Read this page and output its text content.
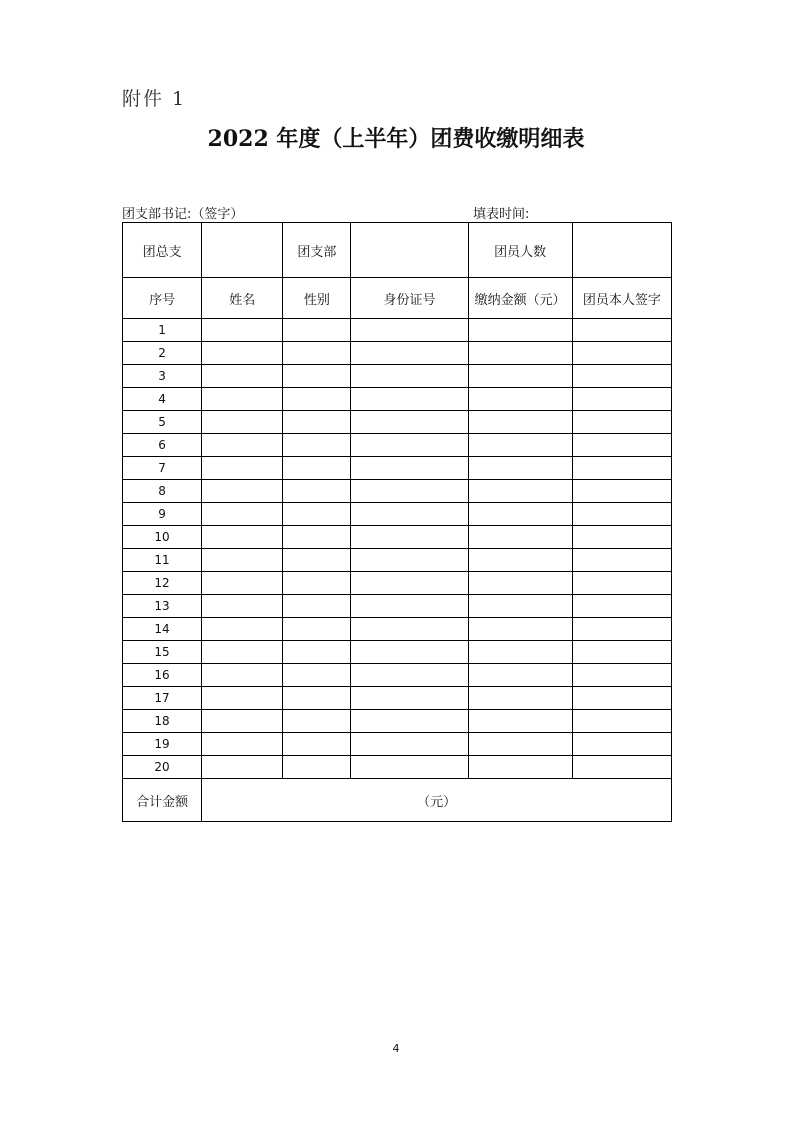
附件 1
2022 年度（上半年）团费收缴明细表
团支部书记:（签字）	填表时间:
团总支		团支部		团员人数	
序号	姓名	性别	身份证号	缴纳金额（元）	团员本人签字
1					
2					
3					
4					
5					
6					
7					
8					
9					
10					
11					
12					
13					
14					
15					
16					
17					
18					
19					
20					
合计金额	（元）				
4
